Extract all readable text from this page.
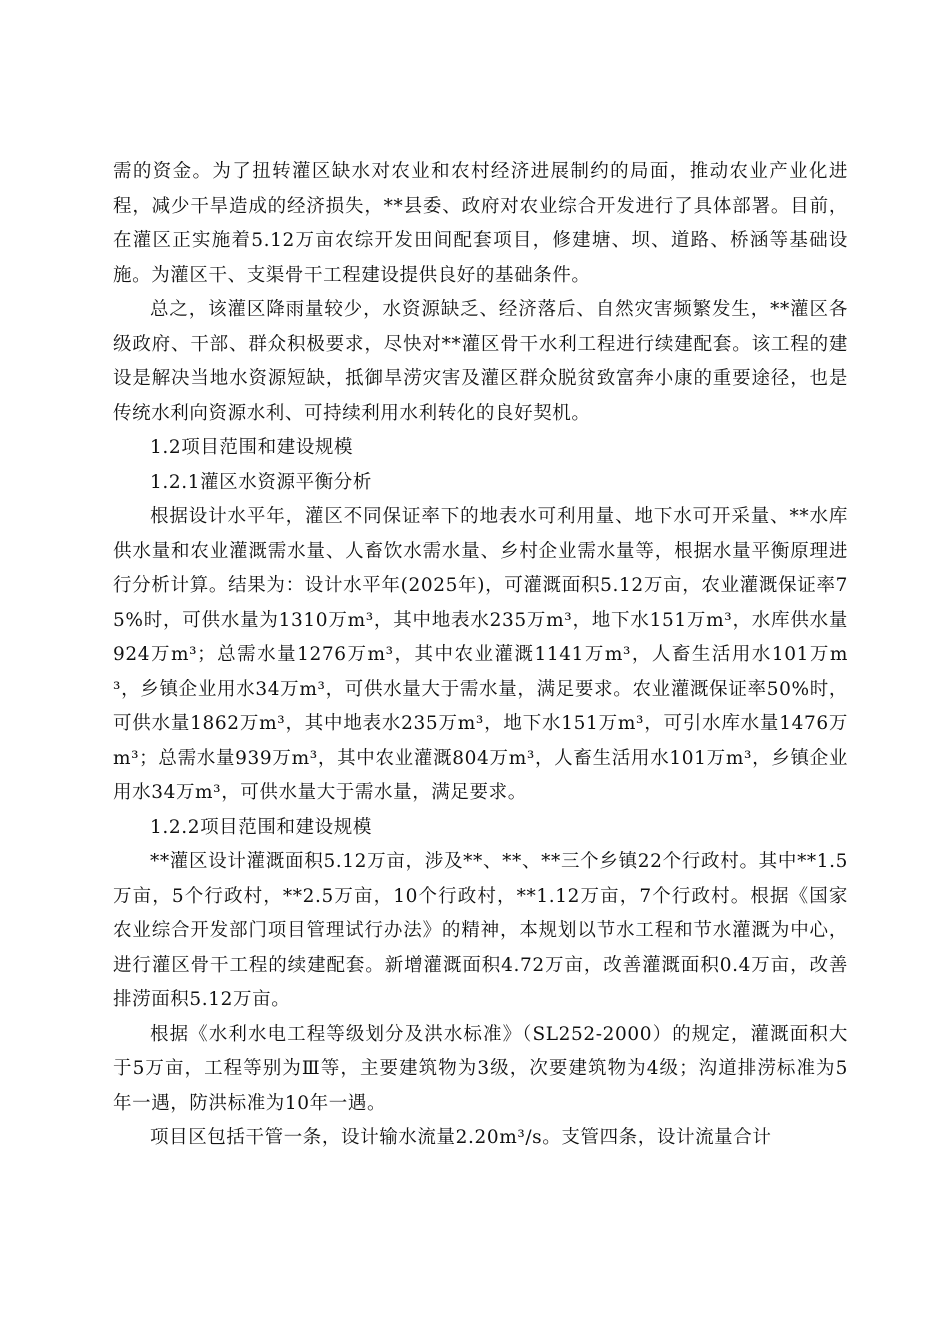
需的资金。为了扭转灌区缺水对农业和农村经济进展制约的局面，推动农业产业化进程，减少干旱造成的经济损失，**县委、政府对农业综合开发进行了具体部署。目前，在灌区正实施着5.12万亩农综开发田间配套项目，修建塘、坝、道路、桥涵等基础设施。为灌区干、支渠骨干工程建设提供良好的基础条件。

总之，该灌区降雨量较少，水资源缺乏、经济落后、自然灾害频繁发生，**灌区各级政府、干部、群众积极要求，尽快对**灌区骨干水利工程进行续建配套。该工程的建设是解决当地水资源短缺，抵御旱涝灾害及灌区群众脱贫致富奔小康的重要途径，也是传统水利向资源水利、可持续利用水利转化的良好契机。

1.2项目范围和建设规模

1.2.1灌区水资源平衡分析

根据设计水平年，灌区不同保证率下的地表水可利用量、地下水可开采量、**水库供水量和农业灌溉需水量、人畜饮水需水量、乡村企业需水量等，根据水量平衡原理进行分析计算。结果为：设计水平年(2025年)，可灌溉面积5.12万亩，农业灌溉保证率75%时，可供水量为1310万m³，其中地表水235万m³，地下水151万m³，水库供水量924万m³；总需水量1276万m³，其中农业灌溉1141万m³，人畜生活用水101万m³，乡镇企业用水34万m³，可供水量大于需水量，满足要求。农业灌溉保证率50%时，可供水量1862万m³，其中地表水235万m³，地下水151万m³，可引水库水量1476万m³；总需水量939万m³，其中农业灌溉804万m³，人畜生活用水101万m³，乡镇企业用水34万m³，可供水量大于需水量，满足要求。

1.2.2项目范围和建设规模

**灌区设计灌溉面积5.12万亩，涉及**、**、**三个乡镇22个行政村。其中**1.5万亩，5个行政村，**2.5万亩，10个行政村，**1.12万亩，7个行政村。根据《国家农业综合开发部门项目管理试行办法》的精神，本规划以节水工程和节水灌溉为中心，进行灌区骨干工程的续建配套。新增灌溉面积4.72万亩，改善灌溉面积0.4万亩，改善排涝面积5.12万亩。

根据《水利水电工程等级划分及洪水标准》（SL252-2000）的规定，灌溉面积大于5万亩，工程等别为Ⅲ等，主要建筑物为3级，次要建筑物为4级；沟道排涝标准为5年一遇，防洪标准为10年一遇。

项目区包括干管一条，设计输水流量2.20m³/s。支管四条，设计流量合计
